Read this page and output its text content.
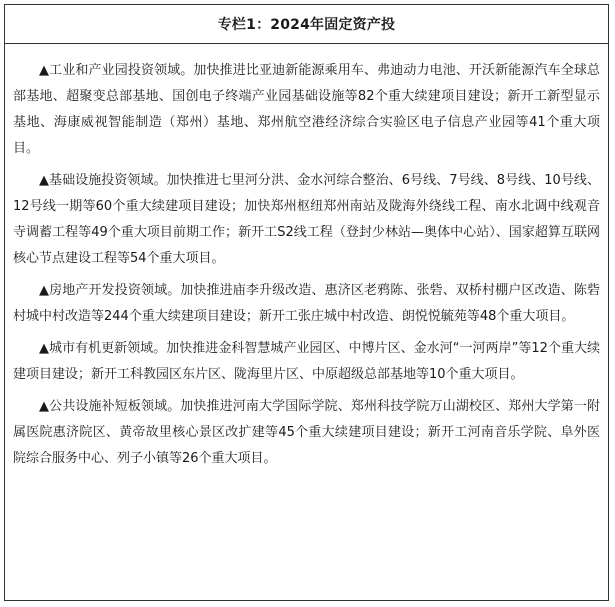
专栏1：2024年固定资产投

▲工业和产业园投资领域。加快推进比亚迪新能源乘用车、弗迪动力电池、开沃新能源汽车全球总部基地、超聚变总部基地、国创电子终端产业园基础设施等82个重大续建项目建设；新开工新型显示基地、海康威视智能制造（郑州）基地、郑州航空港经济综合实验区电子信息产业园等41个重大项目。

▲基础设施投资领域。加快推进七里河分洪、金水河综合整治、6号线、7号线、8号线、10号线、12号线一期等60个重大续建项目建设；加快郑州枢纽郑州南站及陇海外绕线工程、南水北调中线观音寺调蓄工程等49个重大项目前期工作；新开工S2线工程（登封少林站—奥体中心站）、国家超算互联网核心节点建设工程等54个重大项目。

▲房地产开发投资领域。加快推进庙李升级改造、惠济区老鸦陈、张砦、双桥村棚户区改造、陈砦村城中村改造等244个重大续建项目建设；新开工张庄城中村改造、朗悦悦毓苑等48个重大项目。

▲城市有机更新领域。加快推进金科智慧城产业园区、中博片区、金水河“一河两岸”等12个重大续建项目建设；新开工科教园区东片区、陇海里片区、中原超级总部基地等10个重大项目。

▲公共设施补短板领域。加快推进河南大学国际学院、郑州科技学院万山湖校区、郑州大学第一附属医院惠济院区、黄帝故里核心景区改扩建等45个重大续建项目建设；新开工河南音乐学院、阜外医院综合服务中心、列子小镇等26个重大项目。
